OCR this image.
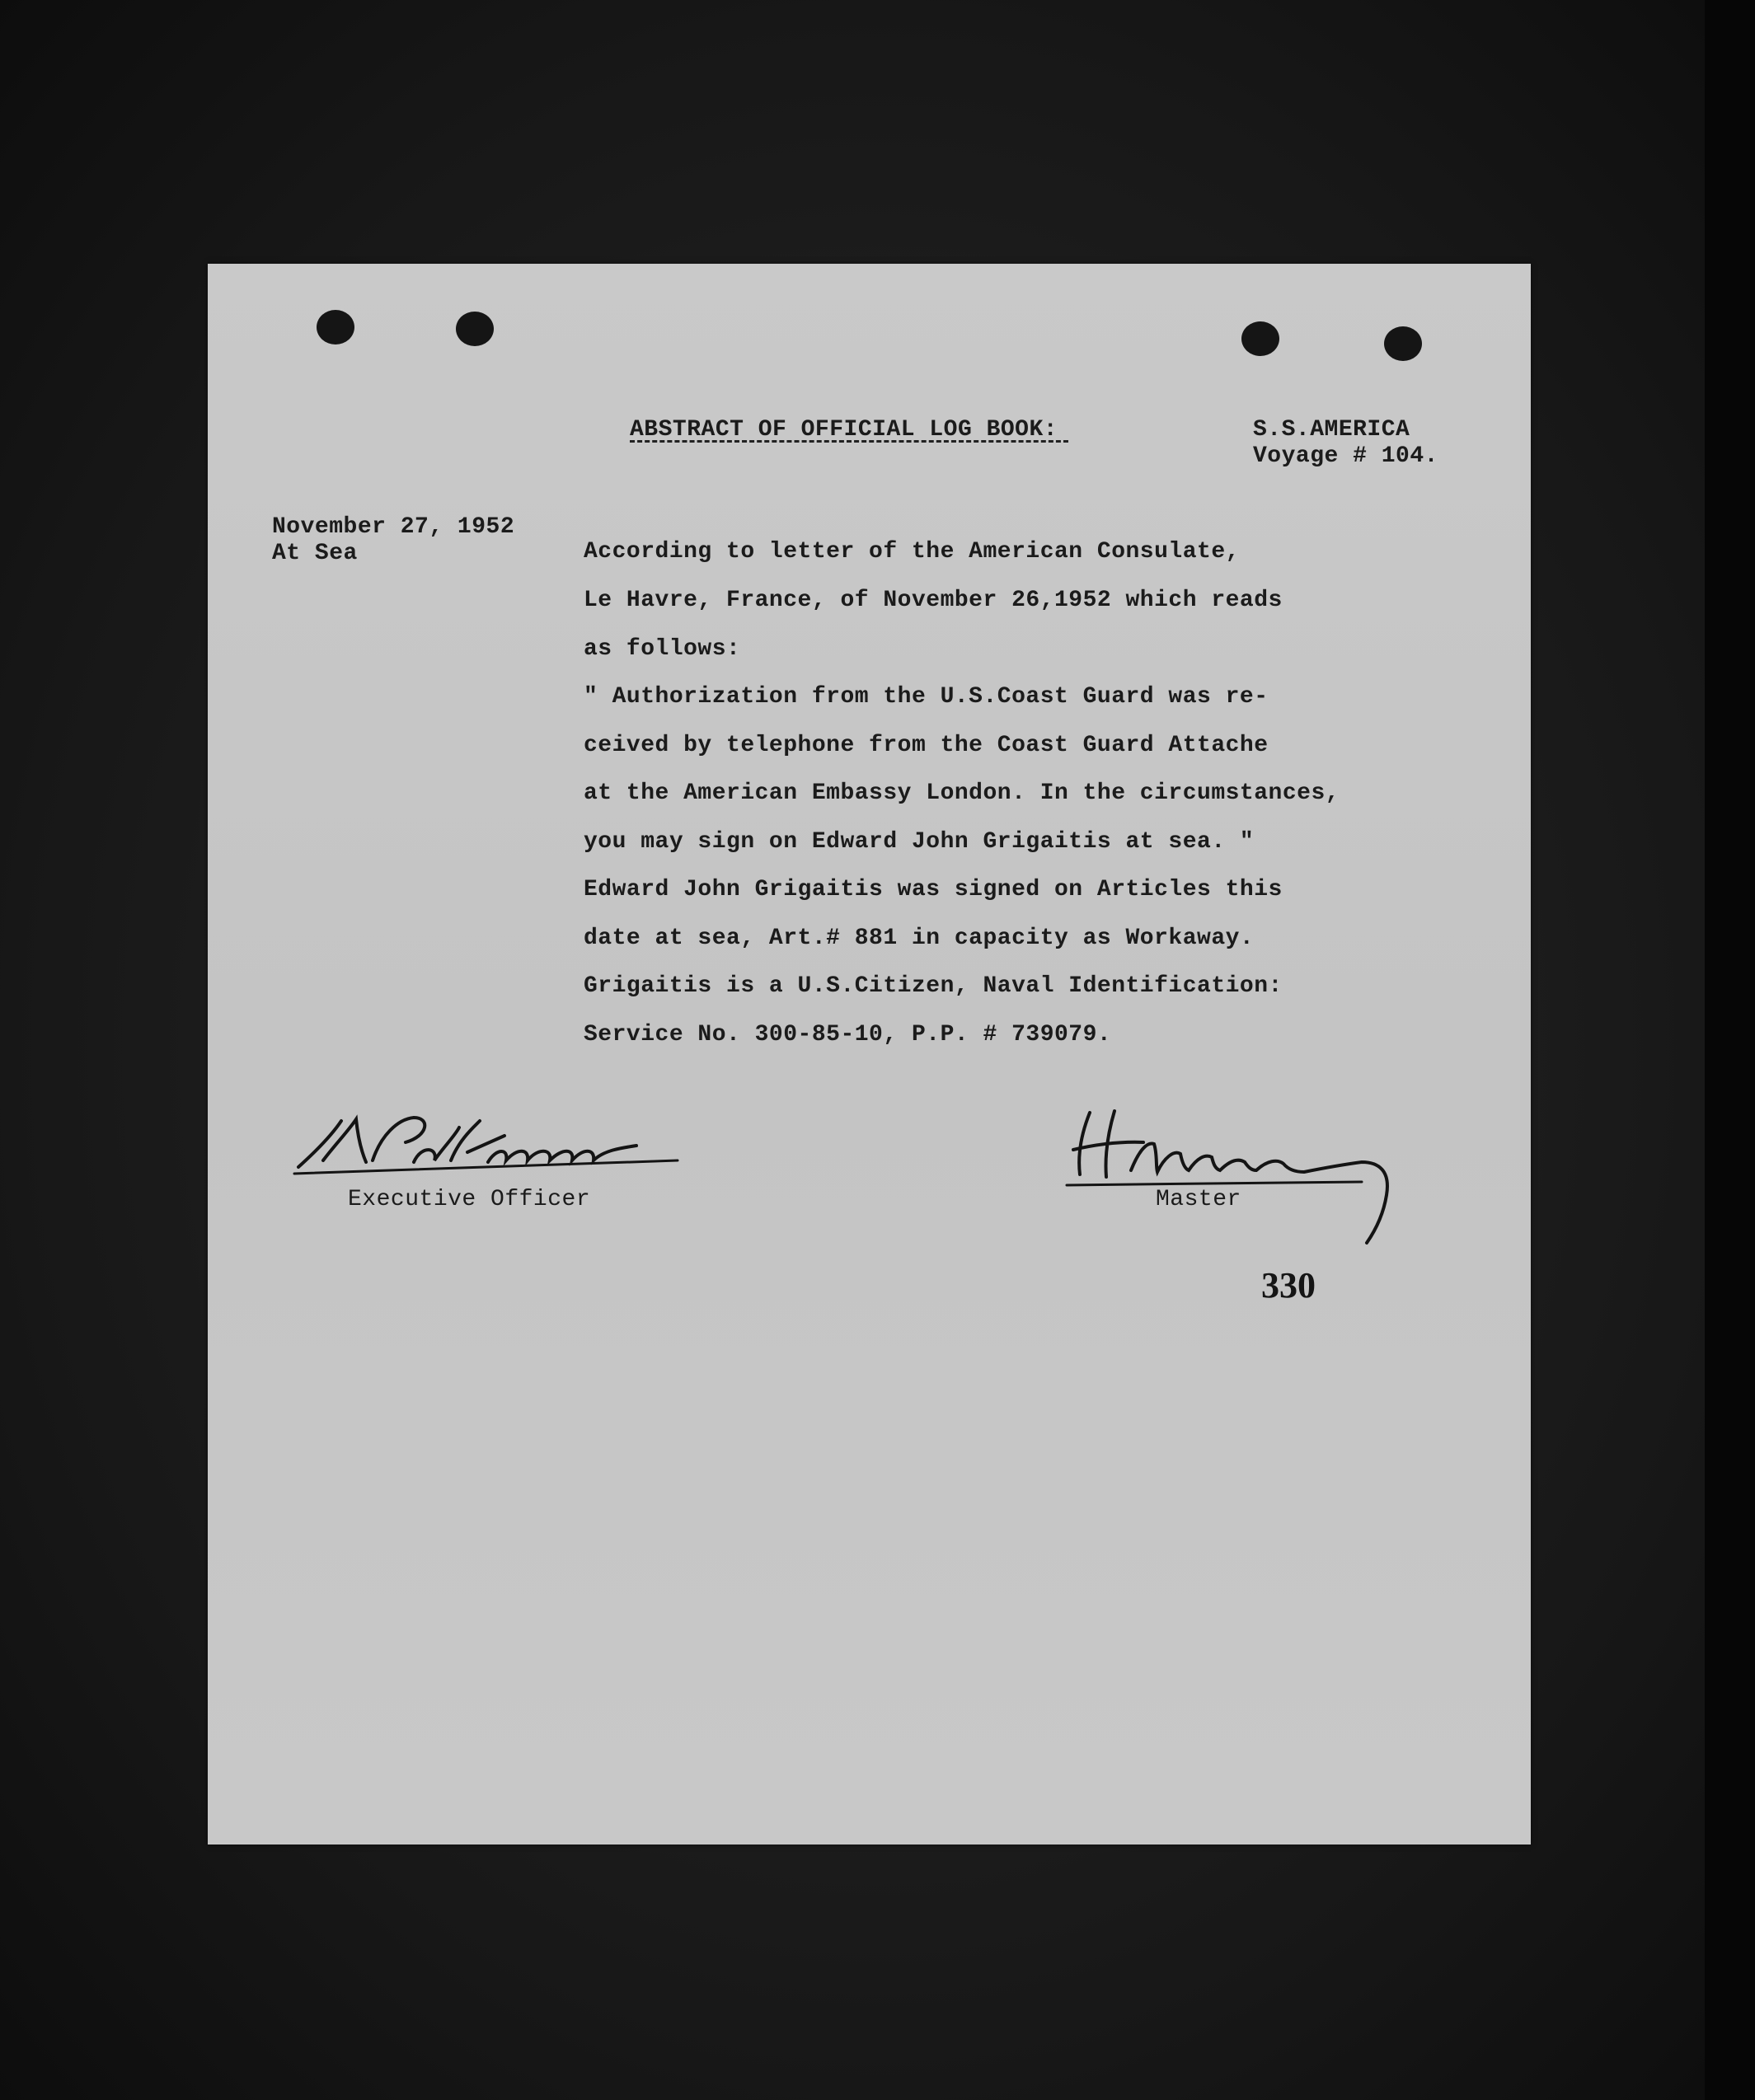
ABSTRACT OF OFFICIAL LOG BOOK:	S.S.AMERICA
Voyage # 104.
November 27, 1952
At Sea	According to letter of the American Consulate,
Le Havre, France, of November 26,1952 which reads
as follows:
" Authorization from the U.S.Coast Guard was re-
ceived by telephone from the Coast Guard Attache
at the American Embassy London. In the circumstances,
you may sign on Edward John Grigaitis at sea. "
Edward John Grigaitis was signed on Articles this
date at sea, Art.# 881 in capacity as Workaway.
Grigaitis is a U.S.Citizen, Naval Identification:
Service No. 300-85-10, P.P. # 739079.
Executive Officer	Master
330
